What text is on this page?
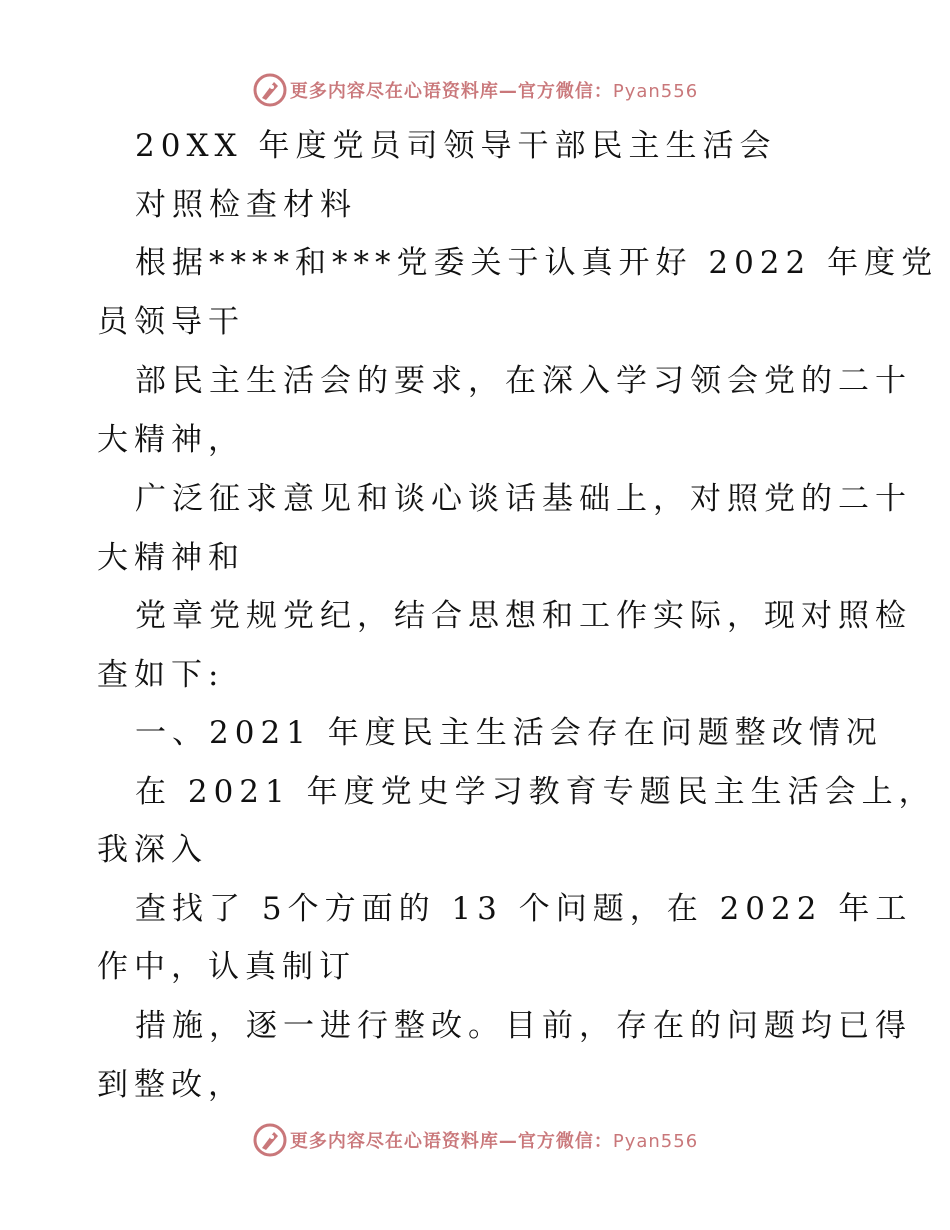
更多内容尽在心语资料库—官方微信：Pyan556
20XX 年度党员司领导干部民主生活会
对照检查材料
根据****和***党委关于认真开好 2022 年度党
员领导干
部民主生活会的要求，在深入学习领会党的二十
大精神，
广泛征求意见和谈心谈话基础上，对照党的二十
大精神和
党章党规党纪，结合思想和工作实际，现对照检
查如下:
一、2021 年度民主生活会存在问题整改情况
在 2021 年度党史学习教育专题民主生活会上，
我深入
查找了 5个方面的 13 个问题，在 2022 年工
作中，认真制订
措施，逐一进行整改。目前，存在的问题均已得
到整改，
更多内容尽在心语资料库—官方微信：Pyan556
